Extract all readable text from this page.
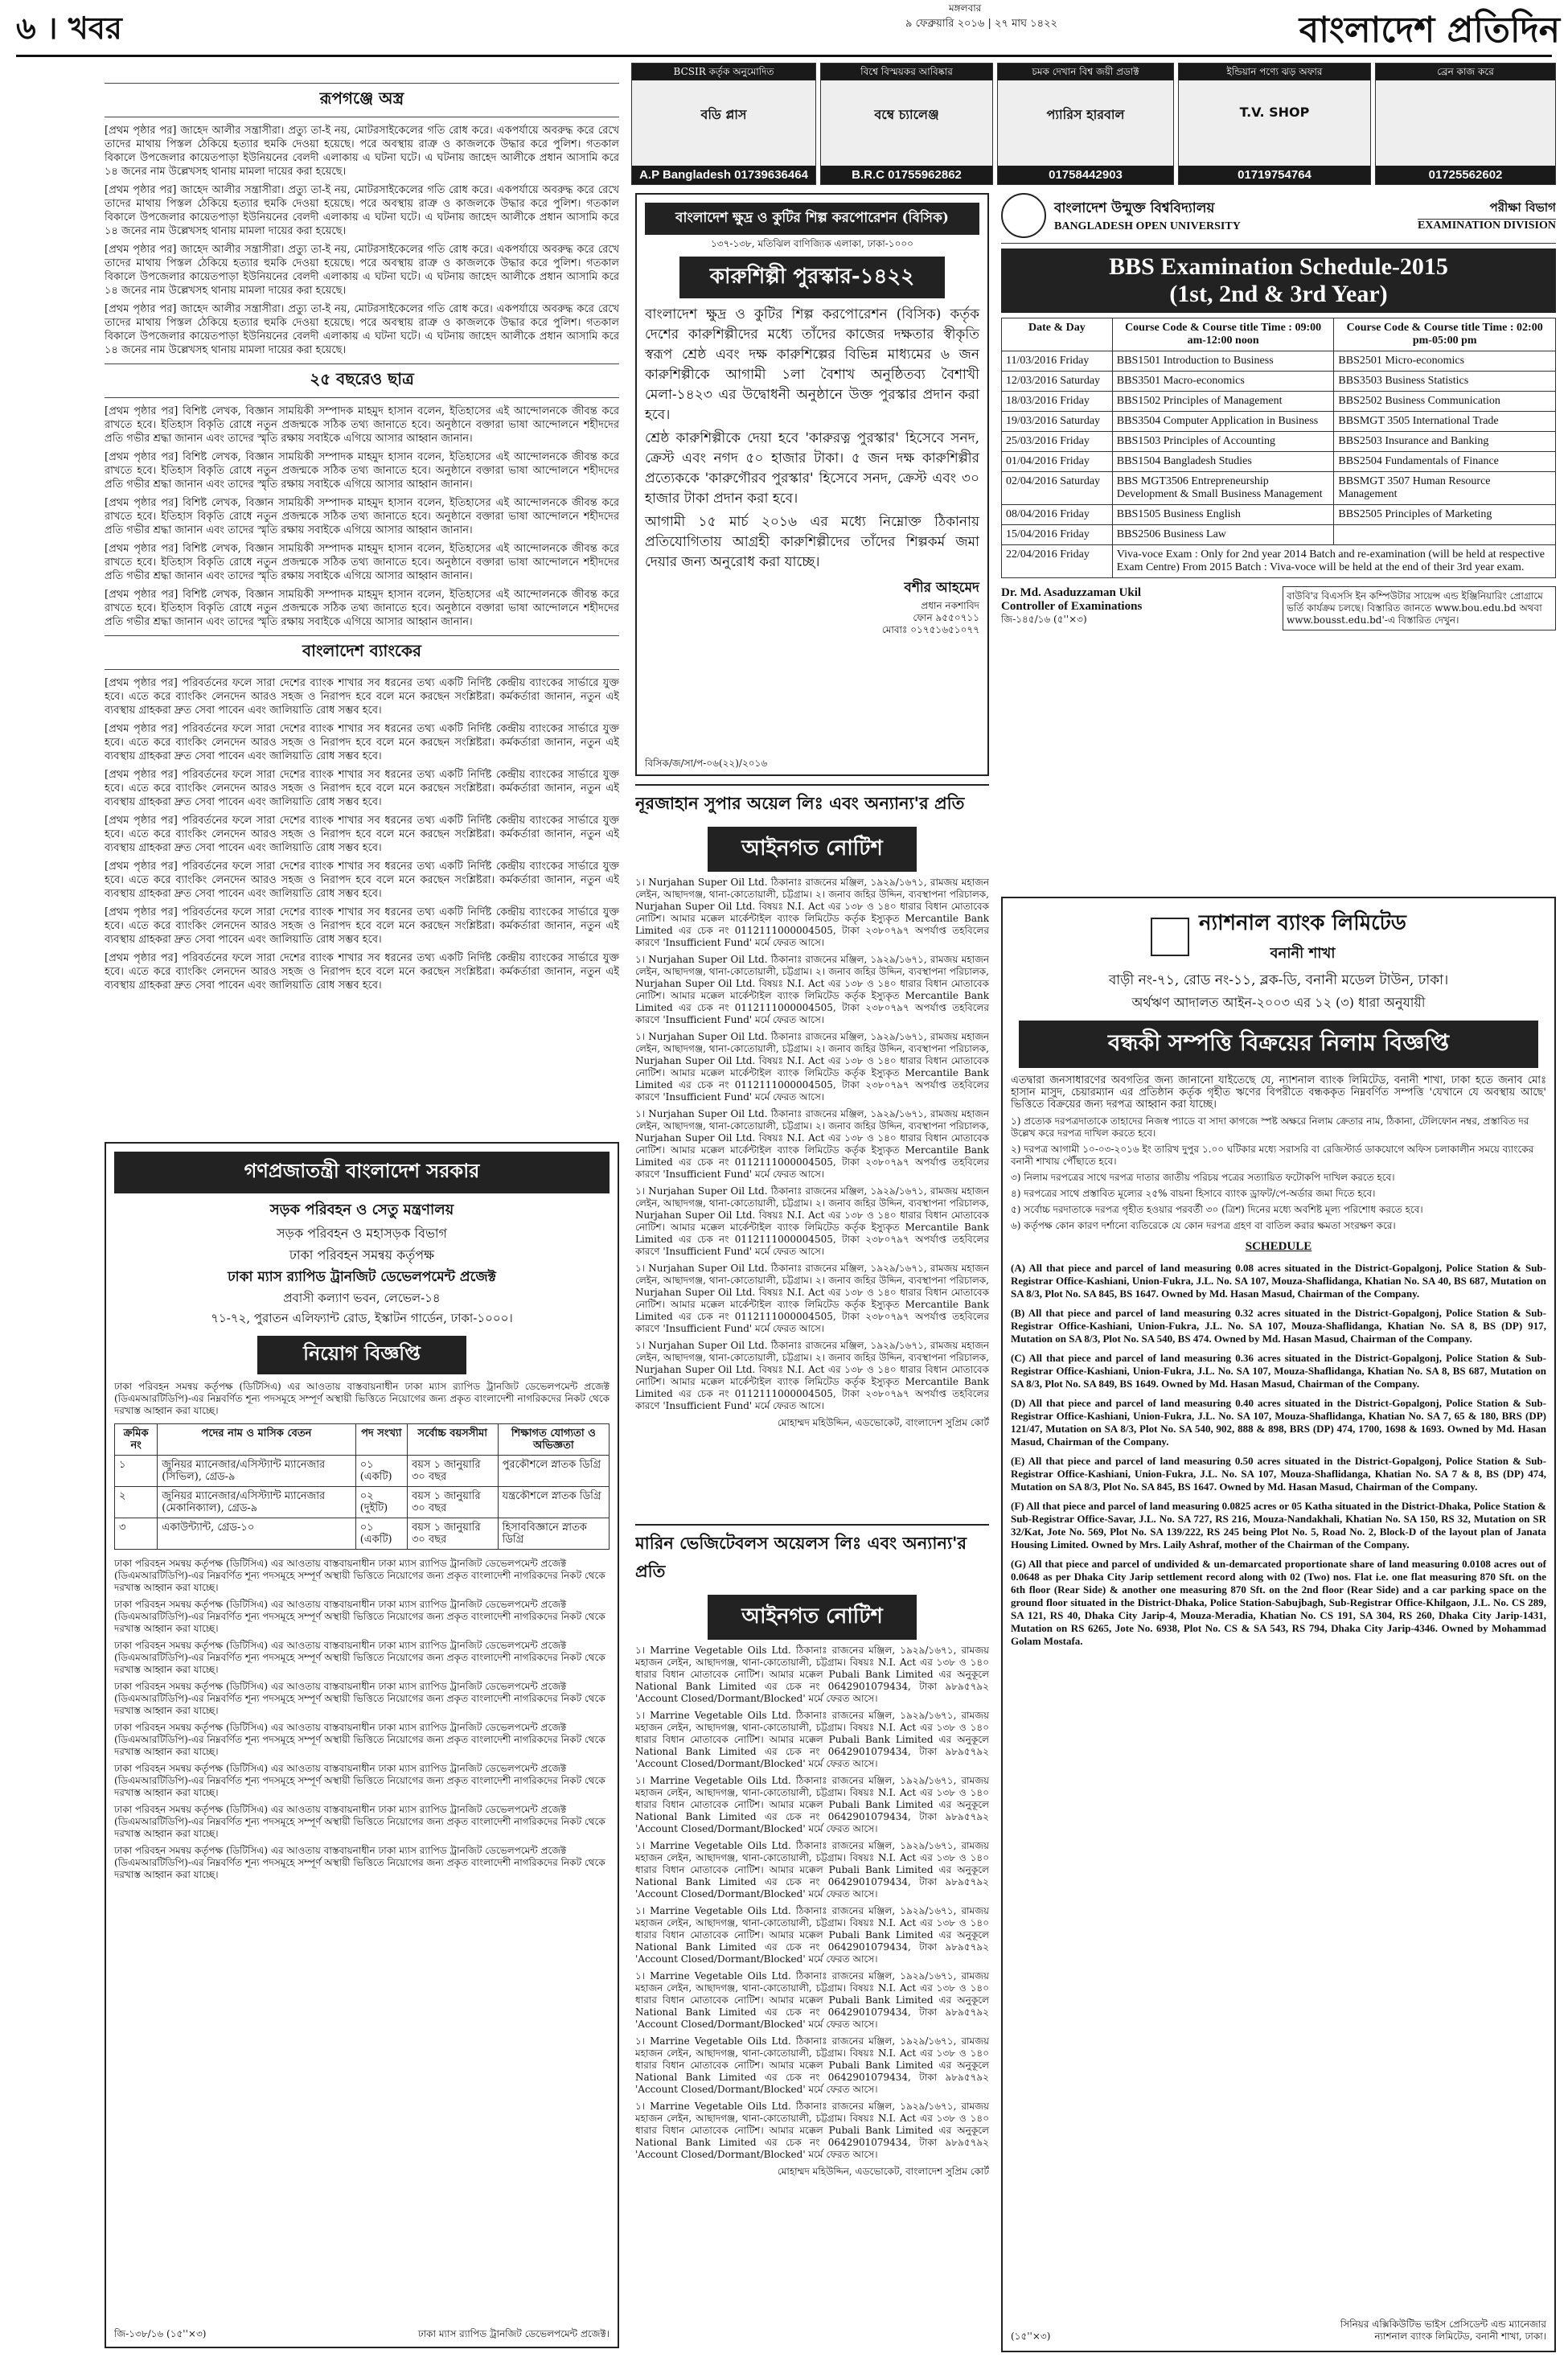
৬ । খবর
মঙ্গলবার
৯ ফেব্রুয়ারি ২০১৬ | ২৭ মাঘ ১৪২২	বাংলাদেশ প্রতিদিন
রূপগঞ্জে অস্ত্র

[প্রথম পৃষ্ঠার পর] জাহেদ আলীর সন্ত্রাসীরা। প্রত্যু তা-ই নয়, মোটরসাইকেলের গতি রোধ করে। একপর্যায়ে অবরুদ্ধ করে রেখে তাদের মাথায় পিস্তল ঠেকিয়ে হত্যার হুমকি দেওয়া হয়েছে। পরে অবস্থায় রাত্রু ও কাজলকে উদ্ধার করে পুলিশ। গতকাল বিকালে উপজেলার কায়েতপাড়া ইউনিয়নের বেলদী এলাকায় এ ঘটনা ঘটে। এ ঘটনায় জাহেদ আলীকে প্রধান আসামি করে ১৪ জনের নাম উল্লেখসহ থানায় মামলা দায়ের করা হয়েছে।

[প্রথম পৃষ্ঠার পর] জাহেদ আলীর সন্ত্রাসীরা। প্রত্যু তা-ই নয়, মোটরসাইকেলের গতি রোধ করে। একপর্যায়ে অবরুদ্ধ করে রেখে তাদের মাথায় পিস্তল ঠেকিয়ে হত্যার হুমকি দেওয়া হয়েছে। পরে অবস্থায় রাত্রু ও কাজলকে উদ্ধার করে পুলিশ। গতকাল বিকালে উপজেলার কায়েতপাড়া ইউনিয়নের বেলদী এলাকায় এ ঘটনা ঘটে। এ ঘটনায় জাহেদ আলীকে প্রধান আসামি করে ১৪ জনের নাম উল্লেখসহ থানায় মামলা দায়ের করা হয়েছে।

[প্রথম পৃষ্ঠার পর] জাহেদ আলীর সন্ত্রাসীরা। প্রত্যু তা-ই নয়, মোটরসাইকেলের গতি রোধ করে। একপর্যায়ে অবরুদ্ধ করে রেখে তাদের মাথায় পিস্তল ঠেকিয়ে হত্যার হুমকি দেওয়া হয়েছে। পরে অবস্থায় রাত্রু ও কাজলকে উদ্ধার করে পুলিশ। গতকাল বিকালে উপজেলার কায়েতপাড়া ইউনিয়নের বেলদী এলাকায় এ ঘটনা ঘটে। এ ঘটনায় জাহেদ আলীকে প্রধান আসামি করে ১৪ জনের নাম উল্লেখসহ থানায় মামলা দায়ের করা হয়েছে।

[প্রথম পৃষ্ঠার পর] জাহেদ আলীর সন্ত্রাসীরা। প্রত্যু তা-ই নয়, মোটরসাইকেলের গতি রোধ করে। একপর্যায়ে অবরুদ্ধ করে রেখে তাদের মাথায় পিস্তল ঠেকিয়ে হত্যার হুমকি দেওয়া হয়েছে। পরে অবস্থায় রাত্রু ও কাজলকে উদ্ধার করে পুলিশ। গতকাল বিকালে উপজেলার কায়েতপাড়া ইউনিয়নের বেলদী এলাকায় এ ঘটনা ঘটে। এ ঘটনায় জাহেদ আলীকে প্রধান আসামি করে ১৪ জনের নাম উল্লেখসহ থানায় মামলা দায়ের করা হয়েছে।

২৫ বছরেও ছাত্র

[প্রথম পৃষ্ঠার পর] বিশিষ্ট লেখক, বিজ্ঞান সাময়িকী সম্পাদক মাহমুদ হাসান বলেন, ইতিহাসের এই আন্দোলনকে জীবন্ত করে রাখতে হবে। ইতিহাস বিকৃতি রোধে নতুন প্রজন্মকে সঠিক তথ্য জানাতে হবে। অনুষ্ঠানে বক্তারা ভাষা আন্দোলনে শহীদদের প্রতি গভীর শ্রদ্ধা জানান এবং তাদের স্মৃতি রক্ষায় সবাইকে এগিয়ে আসার আহ্বান জানান।

[প্রথম পৃষ্ঠার পর] বিশিষ্ট লেখক, বিজ্ঞান সাময়িকী সম্পাদক মাহমুদ হাসান বলেন, ইতিহাসের এই আন্দোলনকে জীবন্ত করে রাখতে হবে। ইতিহাস বিকৃতি রোধে নতুন প্রজন্মকে সঠিক তথ্য জানাতে হবে। অনুষ্ঠানে বক্তারা ভাষা আন্দোলনে শহীদদের প্রতি গভীর শ্রদ্ধা জানান এবং তাদের স্মৃতি রক্ষায় সবাইকে এগিয়ে আসার আহ্বান জানান।

[প্রথম পৃষ্ঠার পর] বিশিষ্ট লেখক, বিজ্ঞান সাময়িকী সম্পাদক মাহমুদ হাসান বলেন, ইতিহাসের এই আন্দোলনকে জীবন্ত করে রাখতে হবে। ইতিহাস বিকৃতি রোধে নতুন প্রজন্মকে সঠিক তথ্য জানাতে হবে। অনুষ্ঠানে বক্তারা ভাষা আন্দোলনে শহীদদের প্রতি গভীর শ্রদ্ধা জানান এবং তাদের স্মৃতি রক্ষায় সবাইকে এগিয়ে আসার আহ্বান জানান।

[প্রথম পৃষ্ঠার পর] বিশিষ্ট লেখক, বিজ্ঞান সাময়িকী সম্পাদক মাহমুদ হাসান বলেন, ইতিহাসের এই আন্দোলনকে জীবন্ত করে রাখতে হবে। ইতিহাস বিকৃতি রোধে নতুন প্রজন্মকে সঠিক তথ্য জানাতে হবে। অনুষ্ঠানে বক্তারা ভাষা আন্দোলনে শহীদদের প্রতি গভীর শ্রদ্ধা জানান এবং তাদের স্মৃতি রক্ষায় সবাইকে এগিয়ে আসার আহ্বান জানান।

[প্রথম পৃষ্ঠার পর] বিশিষ্ট লেখক, বিজ্ঞান সাময়িকী সম্পাদক মাহমুদ হাসান বলেন, ইতিহাসের এই আন্দোলনকে জীবন্ত করে রাখতে হবে। ইতিহাস বিকৃতি রোধে নতুন প্রজন্মকে সঠিক তথ্য জানাতে হবে। অনুষ্ঠানে বক্তারা ভাষা আন্দোলনে শহীদদের প্রতি গভীর শ্রদ্ধা জানান এবং তাদের স্মৃতি রক্ষায় সবাইকে এগিয়ে আসার আহ্বান জানান।

বাংলাদেশ ব্যাংকের

[প্রথম পৃষ্ঠার পর] পরিবর্তনের ফলে সারা দেশের ব্যাংক শাখার সব ধরনের তথ্য একটি নির্দিষ্ট কেন্দ্রীয় ব্যাংকের সার্ভারে যুক্ত হবে। এতে করে ব্যাংকিং লেনদেন আরও সহজ ও নিরাপদ হবে বলে মনে করছেন সংশ্লিষ্টরা। কর্মকর্তারা জানান, নতুন এই ব্যবস্থায় গ্রাহকরা দ্রুত সেবা পাবেন এবং জালিয়াতি রোধ সম্ভব হবে।

[প্রথম পৃষ্ঠার পর] পরিবর্তনের ফলে সারা দেশের ব্যাংক শাখার সব ধরনের তথ্য একটি নির্দিষ্ট কেন্দ্রীয় ব্যাংকের সার্ভারে যুক্ত হবে। এতে করে ব্যাংকিং লেনদেন আরও সহজ ও নিরাপদ হবে বলে মনে করছেন সংশ্লিষ্টরা। কর্মকর্তারা জানান, নতুন এই ব্যবস্থায় গ্রাহকরা দ্রুত সেবা পাবেন এবং জালিয়াতি রোধ সম্ভব হবে।

[প্রথম পৃষ্ঠার পর] পরিবর্তনের ফলে সারা দেশের ব্যাংক শাখার সব ধরনের তথ্য একটি নির্দিষ্ট কেন্দ্রীয় ব্যাংকের সার্ভারে যুক্ত হবে। এতে করে ব্যাংকিং লেনদেন আরও সহজ ও নিরাপদ হবে বলে মনে করছেন সংশ্লিষ্টরা। কর্মকর্তারা জানান, নতুন এই ব্যবস্থায় গ্রাহকরা দ্রুত সেবা পাবেন এবং জালিয়াতি রোধ সম্ভব হবে।

[প্রথম পৃষ্ঠার পর] পরিবর্তনের ফলে সারা দেশের ব্যাংক শাখার সব ধরনের তথ্য একটি নির্দিষ্ট কেন্দ্রীয় ব্যাংকের সার্ভারে যুক্ত হবে। এতে করে ব্যাংকিং লেনদেন আরও সহজ ও নিরাপদ হবে বলে মনে করছেন সংশ্লিষ্টরা। কর্মকর্তারা জানান, নতুন এই ব্যবস্থায় গ্রাহকরা দ্রুত সেবা পাবেন এবং জালিয়াতি রোধ সম্ভব হবে।

[প্রথম পৃষ্ঠার পর] পরিবর্তনের ফলে সারা দেশের ব্যাংক শাখার সব ধরনের তথ্য একটি নির্দিষ্ট কেন্দ্রীয় ব্যাংকের সার্ভারে যুক্ত হবে। এতে করে ব্যাংকিং লেনদেন আরও সহজ ও নিরাপদ হবে বলে মনে করছেন সংশ্লিষ্টরা। কর্মকর্তারা জানান, নতুন এই ব্যবস্থায় গ্রাহকরা দ্রুত সেবা পাবেন এবং জালিয়াতি রোধ সম্ভব হবে।

[প্রথম পৃষ্ঠার পর] পরিবর্তনের ফলে সারা দেশের ব্যাংক শাখার সব ধরনের তথ্য একটি নির্দিষ্ট কেন্দ্রীয় ব্যাংকের সার্ভারে যুক্ত হবে। এতে করে ব্যাংকিং লেনদেন আরও সহজ ও নিরাপদ হবে বলে মনে করছেন সংশ্লিষ্টরা। কর্মকর্তারা জানান, নতুন এই ব্যবস্থায় গ্রাহকরা দ্রুত সেবা পাবেন এবং জালিয়াতি রোধ সম্ভব হবে।

[প্রথম পৃষ্ঠার পর] পরিবর্তনের ফলে সারা দেশের ব্যাংক শাখার সব ধরনের তথ্য একটি নির্দিষ্ট কেন্দ্রীয় ব্যাংকের সার্ভারে যুক্ত হবে। এতে করে ব্যাংকিং লেনদেন আরও সহজ ও নিরাপদ হবে বলে মনে করছেন সংশ্লিষ্টরা। কর্মকর্তারা জানান, নতুন এই ব্যবস্থায় গ্রাহকরা দ্রুত সেবা পাবেন এবং জালিয়াতি রোধ সম্ভব হবে।

গণপ্রজাতন্ত্রী বাংলাদেশ সরকার
সড়ক পরিবহন ও সেতু মন্ত্রণালয়
সড়ক পরিবহন ও মহাসড়ক বিভাগ
ঢাকা পরিবহন সমন্বয় কর্তৃপক্ষ
ঢাকা ম্যাস র‍্যাপিড ট্রানজিট ডেভেলপমেন্ট প্রজেক্ট
প্রবাসী কল্যাণ ভবন, লেভেল-১৪
৭১-৭২, পুরাতন এলিফ্যান্ট রোড, ইস্কাটন গার্ডেন, ঢাকা-১০০০।
নিয়োগ বিজ্ঞপ্তি

ঢাকা পরিবহন সমন্বয় কর্তৃপক্ষ (ডিটিসিএ) এর আওতায় বাস্তবায়নাধীন ঢাকা ম্যাস র‍্যাপিড ট্রানজিট ডেভেলপমেন্ট প্রজেক্ট (ডিএমআরটিডিপি)-এর নিম্নবর্ণিত শূন্য পদসমূহে সম্পূর্ণ অস্থায়ী ভিত্তিতে নিয়োগের জন্য প্রকৃত বাংলাদেশী নাগরিকদের নিকট থেকে দরখাস্ত আহ্বান করা যাচ্ছে।

ক্রমিক নং	পদের নাম ও মাসিক বেতন	পদ সংখ্যা	সর্বোচ্চ বয়সসীমা	শিক্ষাগত যোগ্যতা ও অভিজ্ঞতা
১	জুনিয়র ম্যানেজার/এসিস্ট্যান্ট ম্যানেজার (সিভিল), গ্রেড-৯	০১ (একটি)	বয়স ১ জানুয়ারি ৩০ বছর	পুরকৌশলে স্নাতক ডিগ্রি
২	জুনিয়র ম্যানেজার/এসিস্ট্যান্ট ম্যানেজার (মেকানিক্যাল), গ্রেড-৯	০২ (দুইটি)	বয়স ১ জানুয়ারি ৩০ বছর	যন্ত্রকৌশলে স্নাতক ডিগ্রি
৩	একাউন্ট্যান্ট, গ্রেড-১০	০১ (একটি)	বয়স ১ জানুয়ারি ৩০ বছর	হিসাববিজ্ঞানে স্নাতক ডিগ্রি

ঢাকা পরিবহন সমন্বয় কর্তৃপক্ষ (ডিটিসিএ) এর আওতায় বাস্তবায়নাধীন ঢাকা ম্যাস র‍্যাপিড ট্রানজিট ডেভেলপমেন্ট প্রজেক্ট (ডিএমআরটিডিপি)-এর নিম্নবর্ণিত শূন্য পদসমূহে সম্পূর্ণ অস্থায়ী ভিত্তিতে নিয়োগের জন্য প্রকৃত বাংলাদেশী নাগরিকদের নিকট থেকে দরখাস্ত আহ্বান করা যাচ্ছে।

ঢাকা পরিবহন সমন্বয় কর্তৃপক্ষ (ডিটিসিএ) এর আওতায় বাস্তবায়নাধীন ঢাকা ম্যাস র‍্যাপিড ট্রানজিট ডেভেলপমেন্ট প্রজেক্ট (ডিএমআরটিডিপি)-এর নিম্নবর্ণিত শূন্য পদসমূহে সম্পূর্ণ অস্থায়ী ভিত্তিতে নিয়োগের জন্য প্রকৃত বাংলাদেশী নাগরিকদের নিকট থেকে দরখাস্ত আহ্বান করা যাচ্ছে।

ঢাকা পরিবহন সমন্বয় কর্তৃপক্ষ (ডিটিসিএ) এর আওতায় বাস্তবায়নাধীন ঢাকা ম্যাস র‍্যাপিড ট্রানজিট ডেভেলপমেন্ট প্রজেক্ট (ডিএমআরটিডিপি)-এর নিম্নবর্ণিত শূন্য পদসমূহে সম্পূর্ণ অস্থায়ী ভিত্তিতে নিয়োগের জন্য প্রকৃত বাংলাদেশী নাগরিকদের নিকট থেকে দরখাস্ত আহ্বান করা যাচ্ছে।

ঢাকা পরিবহন সমন্বয় কর্তৃপক্ষ (ডিটিসিএ) এর আওতায় বাস্তবায়নাধীন ঢাকা ম্যাস র‍্যাপিড ট্রানজিট ডেভেলপমেন্ট প্রজেক্ট (ডিএমআরটিডিপি)-এর নিম্নবর্ণিত শূন্য পদসমূহে সম্পূর্ণ অস্থায়ী ভিত্তিতে নিয়োগের জন্য প্রকৃত বাংলাদেশী নাগরিকদের নিকট থেকে দরখাস্ত আহ্বান করা যাচ্ছে।

ঢাকা পরিবহন সমন্বয় কর্তৃপক্ষ (ডিটিসিএ) এর আওতায় বাস্তবায়নাধীন ঢাকা ম্যাস র‍্যাপিড ট্রানজিট ডেভেলপমেন্ট প্রজেক্ট (ডিএমআরটিডিপি)-এর নিম্নবর্ণিত শূন্য পদসমূহে সম্পূর্ণ অস্থায়ী ভিত্তিতে নিয়োগের জন্য প্রকৃত বাংলাদেশী নাগরিকদের নিকট থেকে দরখাস্ত আহ্বান করা যাচ্ছে।

ঢাকা পরিবহন সমন্বয় কর্তৃপক্ষ (ডিটিসিএ) এর আওতায় বাস্তবায়নাধীন ঢাকা ম্যাস র‍্যাপিড ট্রানজিট ডেভেলপমেন্ট প্রজেক্ট (ডিএমআরটিডিপি)-এর নিম্নবর্ণিত শূন্য পদসমূহে সম্পূর্ণ অস্থায়ী ভিত্তিতে নিয়োগের জন্য প্রকৃত বাংলাদেশী নাগরিকদের নিকট থেকে দরখাস্ত আহ্বান করা যাচ্ছে।

ঢাকা পরিবহন সমন্বয় কর্তৃপক্ষ (ডিটিসিএ) এর আওতায় বাস্তবায়নাধীন ঢাকা ম্যাস র‍্যাপিড ট্রানজিট ডেভেলপমেন্ট প্রজেক্ট (ডিএমআরটিডিপি)-এর নিম্নবর্ণিত শূন্য পদসমূহে সম্পূর্ণ অস্থায়ী ভিত্তিতে নিয়োগের জন্য প্রকৃত বাংলাদেশী নাগরিকদের নিকট থেকে দরখাস্ত আহ্বান করা যাচ্ছে।

ঢাকা পরিবহন সমন্বয় কর্তৃপক্ষ (ডিটিসিএ) এর আওতায় বাস্তবায়নাধীন ঢাকা ম্যাস র‍্যাপিড ট্রানজিট ডেভেলপমেন্ট প্রজেক্ট (ডিএমআরটিডিপি)-এর নিম্নবর্ণিত শূন্য পদসমূহে সম্পূর্ণ অস্থায়ী ভিত্তিতে নিয়োগের জন্য প্রকৃত বাংলাদেশী নাগরিকদের নিকট থেকে দরখাস্ত আহ্বান করা যাচ্ছে।

জি-১৩৮/১৬ (১৫''×৩)	ঢাকা ম্যাস র‍্যাপিড ট্রানজিট ডেভেলপমেন্ট প্রজেক্ট।
BCSIR কর্তৃক অনুমোদিত
বডি প্লাস
A.P Bangladesh 01739636464
বিশ্বে বিস্ময়কর আবিষ্কার
বম্বে চ্যালেঞ্জ
B.R.C 01755962862
চমক দেখান বিশ্ব জয়ী প্রডাক্ট
প্যারিস হারবাল
01758442903
ইন্ডিয়ান পণ্যে ঝড় অফার
T.V. SHOP
01719754764
ব্রেন কাজ করে
01725562602
বাংলাদেশ ক্ষুদ্র ও কুটির শিল্প করপোরেশন (বিসিক)
১৩৭-১৩৮, মতিঝিল বাণিজ্যিক এলাকা, ঢাকা-১০০০
কারুশিল্পী পুরস্কার-১৪২২

বাংলাদেশ ক্ষুদ্র ও কুটির শিল্প করপোরেশন (বিসিক) কর্তৃক দেশের কারুশিল্পীদের মধ্যে তাঁদের কাজের দক্ষতার স্বীকৃতি স্বরূপ শ্রেষ্ঠ এবং দক্ষ কারুশিল্পের বিভিন্ন মাধ্যমের ৬ জন কারুশিল্পীকে আগামী ১লা বৈশাখ অনুষ্ঠিতব্য বৈশাখী মেলা-১৪২৩ এর উদ্বোধনী অনুষ্ঠানে উক্ত পুরস্কার প্রদান করা হবে।

শ্রেষ্ঠ কারুশিল্পীকে দেয়া হবে 'কারুরত্ন পুরস্কার' হিসেবে সনদ, ক্রেস্ট এবং নগদ ৫০ হাজার টাকা। ৫ জন দক্ষ কারুশিল্পীর প্রত্যেককে 'কারুগৌরব পুরস্কার' হিসেবে সনদ, ক্রেস্ট এবং ৩০ হাজার টাকা প্রদান করা হবে।

আগামী ১৫ মার্চ ২০১৬ এর মধ্যে নিম্নোক্ত ঠিকানায় প্রতিযোগিতায় আগ্রহী কারুশিল্পীদের তাঁদের শিল্পকর্ম জমা দেয়ার জন্য অনুরোধ করা যাচ্ছে।

বশীর আহমেদ
প্রধান নকশাবিদ
ফোন ৯৫৫০৭১১
মোবাঃ ০১৭৫১৬৫১০৭৭
বিসিক/জ/সা/প-০৬(২২)/২০১৬
নূরজাহান সুপার অয়েল লিঃ এবং অন্যান্য'র প্রতি
আইনগত নোটিশ

১। Nurjahan Super Oil Ltd. ঠিকানাঃ রাজনের মঞ্জিল, ১৯২৯/১৬৭১, রামজয় মহাজন লেইন, আছাদগঞ্জ, থানা-কোতোয়ালী, চট্টগ্রাম। ২। জনাব জহির উদ্দিন, ব্যবস্থাপনা পরিচালক, Nurjahan Super Oil Ltd. বিষয়ঃ N.I. Act এর ১৩৮ ও ১৪০ ধারার বিধান মোতাবেক নোটিশ। আমার মক্কেল মার্কেন্টাইল ব্যাংক লিমিটেড কর্তৃক ইস্যুকৃত Mercantile Bank Limited এর চেক নং 0112111000004505, টাকা ২৩৮০৭৯৭ অপর্যাপ্ত তহবিলের কারণে 'Insufficient Fund' মর্মে ফেরত আসে।

১। Nurjahan Super Oil Ltd. ঠিকানাঃ রাজনের মঞ্জিল, ১৯২৯/১৬৭১, রামজয় মহাজন লেইন, আছাদগঞ্জ, থানা-কোতোয়ালী, চট্টগ্রাম। ২। জনাব জহির উদ্দিন, ব্যবস্থাপনা পরিচালক, Nurjahan Super Oil Ltd. বিষয়ঃ N.I. Act এর ১৩৮ ও ১৪০ ধারার বিধান মোতাবেক নোটিশ। আমার মক্কেল মার্কেন্টাইল ব্যাংক লিমিটেড কর্তৃক ইস্যুকৃত Mercantile Bank Limited এর চেক নং 0112111000004505, টাকা ২৩৮০৭৯৭ অপর্যাপ্ত তহবিলের কারণে 'Insufficient Fund' মর্মে ফেরত আসে।

১। Nurjahan Super Oil Ltd. ঠিকানাঃ রাজনের মঞ্জিল, ১৯২৯/১৬৭১, রামজয় মহাজন লেইন, আছাদগঞ্জ, থানা-কোতোয়ালী, চট্টগ্রাম। ২। জনাব জহির উদ্দিন, ব্যবস্থাপনা পরিচালক, Nurjahan Super Oil Ltd. বিষয়ঃ N.I. Act এর ১৩৮ ও ১৪০ ধারার বিধান মোতাবেক নোটিশ। আমার মক্কেল মার্কেন্টাইল ব্যাংক লিমিটেড কর্তৃক ইস্যুকৃত Mercantile Bank Limited এর চেক নং 0112111000004505, টাকা ২৩৮০৭৯৭ অপর্যাপ্ত তহবিলের কারণে 'Insufficient Fund' মর্মে ফেরত আসে।

১। Nurjahan Super Oil Ltd. ঠিকানাঃ রাজনের মঞ্জিল, ১৯২৯/১৬৭১, রামজয় মহাজন লেইন, আছাদগঞ্জ, থানা-কোতোয়ালী, চট্টগ্রাম। ২। জনাব জহির উদ্দিন, ব্যবস্থাপনা পরিচালক, Nurjahan Super Oil Ltd. বিষয়ঃ N.I. Act এর ১৩৮ ও ১৪০ ধারার বিধান মোতাবেক নোটিশ। আমার মক্কেল মার্কেন্টাইল ব্যাংক লিমিটেড কর্তৃক ইস্যুকৃত Mercantile Bank Limited এর চেক নং 0112111000004505, টাকা ২৩৮০৭৯৭ অপর্যাপ্ত তহবিলের কারণে 'Insufficient Fund' মর্মে ফেরত আসে।

১। Nurjahan Super Oil Ltd. ঠিকানাঃ রাজনের মঞ্জিল, ১৯২৯/১৬৭১, রামজয় মহাজন লেইন, আছাদগঞ্জ, থানা-কোতোয়ালী, চট্টগ্রাম। ২। জনাব জহির উদ্দিন, ব্যবস্থাপনা পরিচালক, Nurjahan Super Oil Ltd. বিষয়ঃ N.I. Act এর ১৩৮ ও ১৪০ ধারার বিধান মোতাবেক নোটিশ। আমার মক্কেল মার্কেন্টাইল ব্যাংক লিমিটেড কর্তৃক ইস্যুকৃত Mercantile Bank Limited এর চেক নং 0112111000004505, টাকা ২৩৮০৭৯৭ অপর্যাপ্ত তহবিলের কারণে 'Insufficient Fund' মর্মে ফেরত আসে।

১। Nurjahan Super Oil Ltd. ঠিকানাঃ রাজনের মঞ্জিল, ১৯২৯/১৬৭১, রামজয় মহাজন লেইন, আছাদগঞ্জ, থানা-কোতোয়ালী, চট্টগ্রাম। ২। জনাব জহির উদ্দিন, ব্যবস্থাপনা পরিচালক, Nurjahan Super Oil Ltd. বিষয়ঃ N.I. Act এর ১৩৮ ও ১৪০ ধারার বিধান মোতাবেক নোটিশ। আমার মক্কেল মার্কেন্টাইল ব্যাংক লিমিটেড কর্তৃক ইস্যুকৃত Mercantile Bank Limited এর চেক নং 0112111000004505, টাকা ২৩৮০৭৯৭ অপর্যাপ্ত তহবিলের কারণে 'Insufficient Fund' মর্মে ফেরত আসে।

১। Nurjahan Super Oil Ltd. ঠিকানাঃ রাজনের মঞ্জিল, ১৯২৯/১৬৭১, রামজয় মহাজন লেইন, আছাদগঞ্জ, থানা-কোতোয়ালী, চট্টগ্রাম। ২। জনাব জহির উদ্দিন, ব্যবস্থাপনা পরিচালক, Nurjahan Super Oil Ltd. বিষয়ঃ N.I. Act এর ১৩৮ ও ১৪০ ধারার বিধান মোতাবেক নোটিশ। আমার মক্কেল মার্কেন্টাইল ব্যাংক লিমিটেড কর্তৃক ইস্যুকৃত Mercantile Bank Limited এর চেক নং 0112111000004505, টাকা ২৩৮০৭৯৭ অপর্যাপ্ত তহবিলের কারণে 'Insufficient Fund' মর্মে ফেরত আসে।

মোহাম্মদ মহিউদ্দিন, এডভোকেট, বাংলাদেশ সুপ্রিম কোর্ট
মারিন ভেজিটেবলস অয়েলস লিঃ এবং অন্যান্য'র প্রতি
আইনগত নোটিশ

১। Marrine Vegetable Oils Ltd. ঠিকানাঃ রাজনের মঞ্জিল, ১৯২৯/১৬৭১, রামজয় মহাজন লেইন, আছাদগঞ্জ, থানা-কোতোয়ালী, চট্টগ্রাম। বিষয়ঃ N.I. Act এর ১৩৮ ও ১৪০ ধারার বিধান মোতাবেক নোটিশ। আমার মক্কেল Pubali Bank Limited এর অনুকূলে National Bank Limited এর চেক নং 0642901079434, টাকা ৯৮৯৫৭৯২ 'Account Closed/Dormant/Blocked' মর্মে ফেরত আসে।

১। Marrine Vegetable Oils Ltd. ঠিকানাঃ রাজনের মঞ্জিল, ১৯২৯/১৬৭১, রামজয় মহাজন লেইন, আছাদগঞ্জ, থানা-কোতোয়ালী, চট্টগ্রাম। বিষয়ঃ N.I. Act এর ১৩৮ ও ১৪০ ধারার বিধান মোতাবেক নোটিশ। আমার মক্কেল Pubali Bank Limited এর অনুকূলে National Bank Limited এর চেক নং 0642901079434, টাকা ৯৮৯৫৭৯২ 'Account Closed/Dormant/Blocked' মর্মে ফেরত আসে।

১। Marrine Vegetable Oils Ltd. ঠিকানাঃ রাজনের মঞ্জিল, ১৯২৯/১৬৭১, রামজয় মহাজন লেইন, আছাদগঞ্জ, থানা-কোতোয়ালী, চট্টগ্রাম। বিষয়ঃ N.I. Act এর ১৩৮ ও ১৪০ ধারার বিধান মোতাবেক নোটিশ। আমার মক্কেল Pubali Bank Limited এর অনুকূলে National Bank Limited এর চেক নং 0642901079434, টাকা ৯৮৯৫৭৯২ 'Account Closed/Dormant/Blocked' মর্মে ফেরত আসে।

১। Marrine Vegetable Oils Ltd. ঠিকানাঃ রাজনের মঞ্জিল, ১৯২৯/১৬৭১, রামজয় মহাজন লেইন, আছাদগঞ্জ, থানা-কোতোয়ালী, চট্টগ্রাম। বিষয়ঃ N.I. Act এর ১৩৮ ও ১৪০ ধারার বিধান মোতাবেক নোটিশ। আমার মক্কেল Pubali Bank Limited এর অনুকূলে National Bank Limited এর চেক নং 0642901079434, টাকা ৯৮৯৫৭৯২ 'Account Closed/Dormant/Blocked' মর্মে ফেরত আসে।

১। Marrine Vegetable Oils Ltd. ঠিকানাঃ রাজনের মঞ্জিল, ১৯২৯/১৬৭১, রামজয় মহাজন লেইন, আছাদগঞ্জ, থানা-কোতোয়ালী, চট্টগ্রাম। বিষয়ঃ N.I. Act এর ১৩৮ ও ১৪০ ধারার বিধান মোতাবেক নোটিশ। আমার মক্কেল Pubali Bank Limited এর অনুকূলে National Bank Limited এর চেক নং 0642901079434, টাকা ৯৮৯৫৭৯২ 'Account Closed/Dormant/Blocked' মর্মে ফেরত আসে।

১। Marrine Vegetable Oils Ltd. ঠিকানাঃ রাজনের মঞ্জিল, ১৯২৯/১৬৭১, রামজয় মহাজন লেইন, আছাদগঞ্জ, থানা-কোতোয়ালী, চট্টগ্রাম। বিষয়ঃ N.I. Act এর ১৩৮ ও ১৪০ ধারার বিধান মোতাবেক নোটিশ। আমার মক্কেল Pubali Bank Limited এর অনুকূলে National Bank Limited এর চেক নং 0642901079434, টাকা ৯৮৯৫৭৯২ 'Account Closed/Dormant/Blocked' মর্মে ফেরত আসে।

১। Marrine Vegetable Oils Ltd. ঠিকানাঃ রাজনের মঞ্জিল, ১৯২৯/১৬৭১, রামজয় মহাজন লেইন, আছাদগঞ্জ, থানা-কোতোয়ালী, চট্টগ্রাম। বিষয়ঃ N.I. Act এর ১৩৮ ও ১৪০ ধারার বিধান মোতাবেক নোটিশ। আমার মক্কেল Pubali Bank Limited এর অনুকূলে National Bank Limited এর চেক নং 0642901079434, টাকা ৯৮৯৫৭৯২ 'Account Closed/Dormant/Blocked' মর্মে ফেরত আসে।

১। Marrine Vegetable Oils Ltd. ঠিকানাঃ রাজনের মঞ্জিল, ১৯২৯/১৬৭১, রামজয় মহাজন লেইন, আছাদগঞ্জ, থানা-কোতোয়ালী, চট্টগ্রাম। বিষয়ঃ N.I. Act এর ১৩৮ ও ১৪০ ধারার বিধান মোতাবেক নোটিশ। আমার মক্কেল Pubali Bank Limited এর অনুকূলে National Bank Limited এর চেক নং 0642901079434, টাকা ৯৮৯৫৭৯২ 'Account Closed/Dormant/Blocked' মর্মে ফেরত আসে।

মোহাম্মদ মহিউদ্দিন, এডভোকেট, বাংলাদেশ সুপ্রিম কোর্ট
বাংলাদেশ উন্মুক্ত বিশ্ববিদ্যালয়
BANGLADESH OPEN UNIVERSITY
পরীক্ষা বিভাগ
EXAMINATION DIVISION
BBS Examination Schedule-2015
(1st, 2nd & 3rd Year)
Date & Day	Course Code & Course title Time : 09:00 am-12:00 noon	Course Code & Course title Time : 02:00 pm-05:00 pm
11/03/2016 Friday	BBS1501 Introduction to Business	BBS2501 Micro-economics
12/03/2016 Saturday	BBS3501 Macro-economics	BBS3503 Business Statistics
18/03/2016 Friday	BBS1502 Principles of Management	BBS2502 Business Communication
19/03/2016 Saturday	BBS3504 Computer Application in Business	BBSMGT 3505 International Trade
25/03/2016 Friday	BBS1503 Principles of Accounting	BBS2503 Insurance and Banking
01/04/2016 Friday	BBS1504 Bangladesh Studies	BBS2504 Fundamentals of Finance
02/04/2016 Saturday	BBS MGT3506 Entrepreneurship Development & Small Business Management	BBSMGT 3507 Human Resource Management
08/04/2016 Friday	BBS1505 Business English	BBS2505 Principles of Marketing
15/04/2016 Friday	BBS2506 Business Law	
22/04/2016 Friday	Viva-voce Exam : Only for 2nd year 2014 Batch and re-examination (will be held at respective Exam Centre) From 2015 Batch : Viva-voce will be held at the end of their 3rd year exam.	
Dr. Md. Asaduzzaman Ukil
Controller of Examinations
জি-১৪৫/১৬ (৫''×৩)
বাউবি'র বিএসসি ইন কম্পিউটার সায়েন্স এন্ড ইঞ্জিনিয়ারিং প্রোগ্রামে ভর্তি কার্যক্রম চলছে। বিস্তারিত জানতে www.bou.edu.bd অথবা www.bousst.edu.bd'-এ বিস্তারিত দেখুন।
ন্যাশনাল ব্যাংক লিমিটেড
বনানী শাখা
বাড়ী নং-৭১, রোড নং-১১, ব্লক-ডি, বনানী মডেল টাউন, ঢাকা।
অর্থঋণ আদালত আইন-২০০৩ এর ১২ (৩) ধারা অনুযায়ী
বন্ধকী সম্পত্তি বিক্রয়ের নিলাম বিজ্ঞপ্তি

এতদ্বারা জনসাধারণের অবগতির জন্য জানানো যাইতেছে যে, ন্যাশনাল ব্যাংক লিমিটেড, বনানী শাখা, ঢাকা হতে জনাব মোঃ হাসান মাসুদ, চেয়ারম্যান এর প্রতিষ্ঠান কর্তৃক গৃহীত ঋণের বিপরীতে বন্ধককৃত নিম্নবর্ণিত সম্পত্তি 'যেখানে যে অবস্থায় আছে' ভিত্তিতে বিক্রয়ের জন্য দরপত্র আহ্বান করা যাচ্ছে।

১) প্রত্যেক দরপত্রদাতাকে তাহাদের নিজস্ব প্যাডে বা সাদা কাগজে স্পষ্ট অক্ষরে নিলাম ক্রেতার নাম, ঠিকানা, টেলিফোন নম্বর, প্রস্তাবিত দর উল্লেখ করে দরপত্র দাখিল করতে হবে।

২) দরপত্র আগামী ১০-০৩-২০১৬ ইং তারিখ দুপুর ১.০০ ঘটিকার মধ্যে সরাসরি বা রেজিস্টার্ড ডাকযোগে অফিস চলাকালীন সময়ে ব্যাংকের বনানী শাখায় পৌঁছাতে হবে।

৩) নিলাম দরপত্রের সাথে দরপত্র দাতার জাতীয় পরিচয় পত্রের সত্যায়িত ফটোকপি দাখিল করতে হবে।

৪) দরপত্রের সাথে প্রস্তাবিত মূল্যের ২৫% বায়না হিসাবে ব্যাংক ড্রাফট/পে-অর্ডার জমা দিতে হবে।

৫) সর্বোচ্চ দরদাতাকে দরপত্র গৃহীত হওয়ার পরবর্তী ৩০ (ত্রিশ) দিনের মধ্যে অবশিষ্ট মূল্য পরিশোধ করতে হবে।

৬) কর্তৃপক্ষ কোন কারণ দর্শানো ব্যতিরেকে যে কোন দরপত্র গ্রহণ বা বাতিল করার ক্ষমতা সংরক্ষণ করে।

SCHEDULE

(A) All that piece and parcel of land measuring 0.08 acres situated in the District-Gopalgonj, Police Station & Sub-Registrar Office-Kashiani, Union-Fukra, J.L. No. SA 107, Mouza-Shaflidanga, Khatian No. SA 40, BS 687, Mutation on SA 8/3, Plot No. SA 845, BS 1647. Owned by Md. Hasan Masud, Chairman of the Company.

(B) All that piece and parcel of land measuring 0.32 acres situated in the District-Gopalgonj, Police Station & Sub-Registrar Office-Kashiani, Union-Fukra, J.L. No. SA 107, Mouza-Shaflidanga, Khatian No. SA 8, BS (DP) 917, Mutation on SA 8/3, Plot No. SA 540, BS 474. Owned by Md. Hasan Masud, Chairman of the Company.

(C) All that piece and parcel of land measuring 0.36 acres situated in the District-Gopalgonj, Police Station & Sub-Registrar Office-Kashiani, Union-Fukra, J.L. No. SA 107, Mouza-Shaflidanga, Khatian No. SA 8, BS 687, Mutation on SA 8/3, Plot No. SA 849, BS 1649. Owned by Md. Hasan Masud, Chairman of the Company.

(D) All that piece and parcel of land measuring 0.40 acres situated in the District-Gopalgonj, Police Station & Sub-Registrar Office-Kashiani, Union-Fukra, J.L. No. SA 107, Mouza-Shaflidanga, Khatian No. SA 7, 65 & 180, BRS (DP) 121/47, Mutation on SA 8/3, Plot No. SA 540, 902, 888 & 898, BRS (DP) 474, 1700, 1698 & 1693. Owned by Md. Hasan Masud, Chairman of the Company.

(E) All that piece and parcel of land measuring 0.50 acres situated in the District-Gopalgonj, Police Station & Sub-Registrar Office-Kashiani, Union-Fukra, J.L. No. SA 107, Mouza-Shaflidanga, Khatian No. SA 7 & 8, BS (DP) 474, Mutation on SA 8/3, Plot No. SA 845, BS 1647. Owned by Md. Hasan Masud, Chairman of the Company.

(F) All that piece and parcel of land measuring 0.0825 acres or 05 Katha situated in the District-Dhaka, Police Station & Sub-Registrar Office-Savar, J.L. No. SA 727, RS 216, Mouza-Nandakhali, Khatian No. SA 150, RS 32, Mutation on SR 32/Kat, Jote No. 569, Plot No. SA 139/222, RS 245 being Plot No. 5, Road No. 2, Block-D of the layout plan of Janata Housing Limited. Owned by Mrs. Laily Ashraf, mother of the Chairman of the Company.

(G) All that piece and parcel of undivided & un-demarcated proportionate share of land measuring 0.0108 acres out of 0.0648 as per Dhaka City Jarip settlement record along with 02 (Two) nos. Flat i.e. one flat measuring 870 Sft. on the 6th floor (Rear Side) & another one measuring 870 Sft. on the 2nd floor (Rear Side) and a car parking space on the ground floor situated in the District-Dhaka, Police Station-Sabujbagh, Sub-Registrar Office-Khilgaon, J.L. No. CS 289, SA 121, RS 40, Dhaka City Jarip-4, Mouza-Meradia, Khatian No. CS 191, SA 304, RS 260, Dhaka City Jarip-1431, Mutation on RS 6265, Jote No. 6938, Plot No. CS & SA 543, RS 794, Dhaka City Jarip-4346. Owned by Mohammad Golam Mostafa.

(১৫''×৩)
সিনিয়র এক্সিকিউটিভ ভাইস প্রেসিডেন্ট এন্ড ম্যানেজার
ন্যাশনাল ব্যাংক লিমিটেড, বনানী শাখা, ঢাকা।
